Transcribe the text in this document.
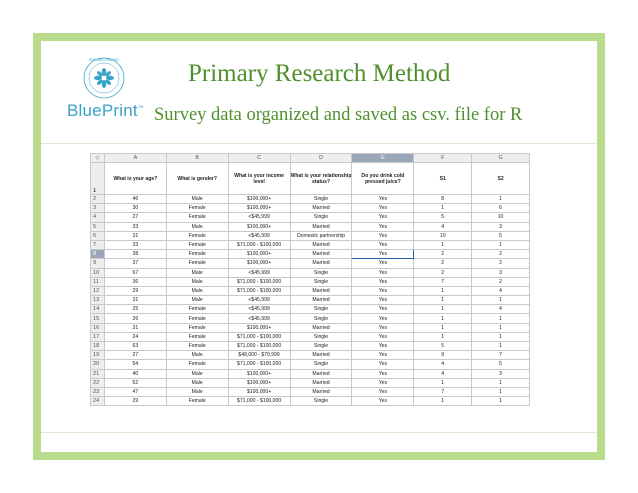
RAW AND ORGANIC
BluePrint™
Primary Research Method
Survey data organized and saved as csv. file for R
◇	A	B	C	D	E	F	G
1	What is your age?	What is gender?	What is your income level	What is your relationship status?	Do you drink cold pressed juice?	S1	S2
2	46	Male	$100,000+	Single	Yes	8	1
3	30	Female	$100,000+	Married	Yes	1	6
4	27	Female	<$45,999	Single	Yes	5	10
5	33	Male	$100,000+	Married	Yes	4	3
6	31	Female	<$45,999	Domestic partnership	Yes	10	5
7	33	Female	$71,000 - $100,000	Married	Yes	1	1
8	38	Female	$100,000+	Married	Yes	2	2
9	37	Female	$100,000+	Married	Yes	2	2
10	67	Male	<$45,999	Single	Yes	2	3
11	36	Male	$71,000 - $100,000	Single	Yes	7	2
12	29	Male	$71,000 - $100,000	Married	Yes	1	4
13	31	Male	<$45,999	Married	Yes	1	1
14	25	Female	<$45,999	Single	Yes	1	4
15	26	Female	<$45,999	Single	Yes	1	1
16	31	Female	$100,000+	Married	Yes	1	1
17	24	Female	$71,000 - $100,000	Single	Yes	1	1
18	63	Female	$71,000 - $100,000	Single	Yes	5	1
19	27	Male	$48,000 - $70,999	Married	Yes	9	7
20	54	Female	$71,000 - $100,000	Single	Yes	4	5
21	40	Male	$100,000+	Married	Yes	4	3
22	52	Male	$100,000+	Married	Yes	1	1
23	47	Male	$100,000+	Married	Yes	7	1
24	29	Female	$71,000 - $100,000	Single	Yes	1	1
